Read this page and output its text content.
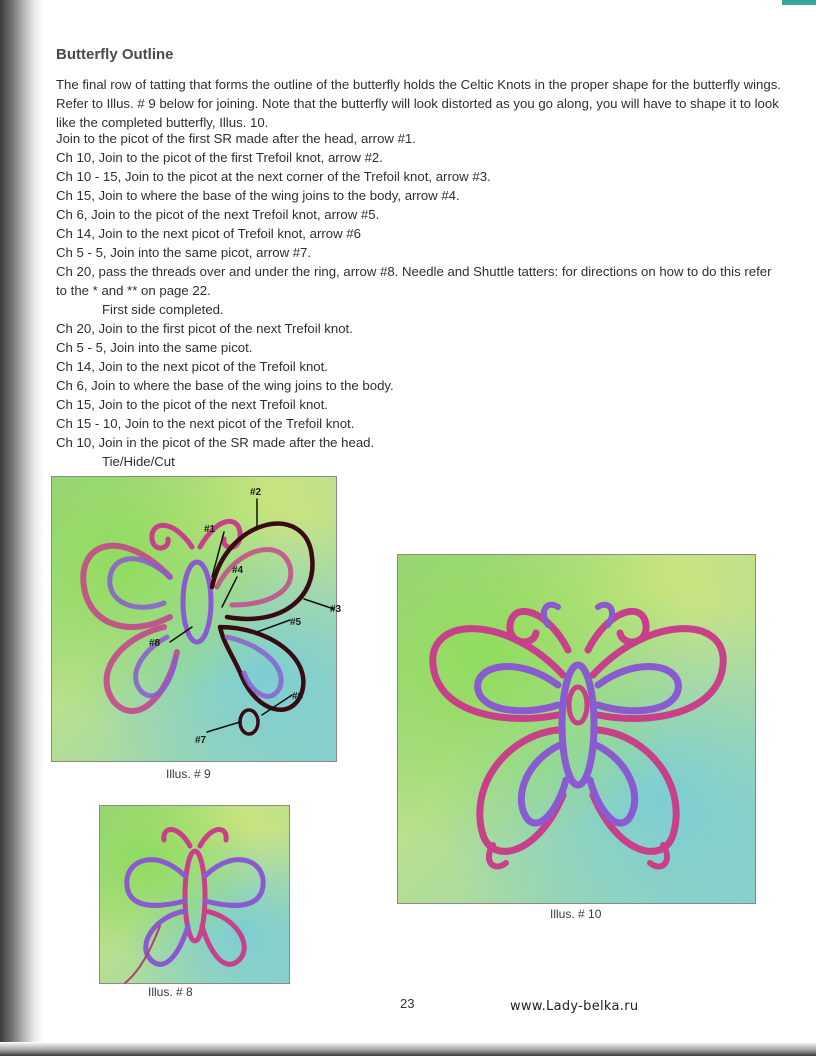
Butterfly Outline
The final row of tatting that forms the outline of the butterfly holds the Celtic Knots in the proper shape for the butterfly wings. Refer to Illus. # 9 below for joining. Note that the butterfly will look distorted as you go along, you will have to shape it to look like the completed butterfly, Illus. 10.
Join to the picot of the first SR made after the head, arrow #1.
Ch 10, Join to the picot of the first Trefoil knot, arrow #2.
Ch 10 - 15, Join to the picot at the next corner of the Trefoil knot, arrow #3.
Ch 15, Join to where the base of the wing joins to the body, arrow #4.
Ch 6, Join to the picot of the next Trefoil knot, arrow #5.
Ch 14, Join to the next picot of Trefoil knot, arrow #6
Ch 5 - 5, Join into the same picot, arrow #7.
Ch 20, pass the threads over and under the ring, arrow #8. Needle and Shuttle tatters: for directions on how to do this refer to the * and ** on page 22.
First side completed.
Ch 20, Join to the first picot of the next Trefoil knot.
Ch 5 - 5, Join into the same picot.
Ch 14, Join to the next picot of the Trefoil knot.
Ch 6, Join to where the base of the wing joins to the body.
Ch 15, Join to the picot of the next Trefoil knot.
Ch 15 - 10, Join to the next picot of the Trefoil knot.
Ch 10, Join in the picot of the SR made after the head.
Tie/Hide/Cut
#2
#1
#3
#4
#5
#6
#7
#8
Illus. # 9
Illus. # 10
Illus. # 8
23	www.Lady-belka.ru
